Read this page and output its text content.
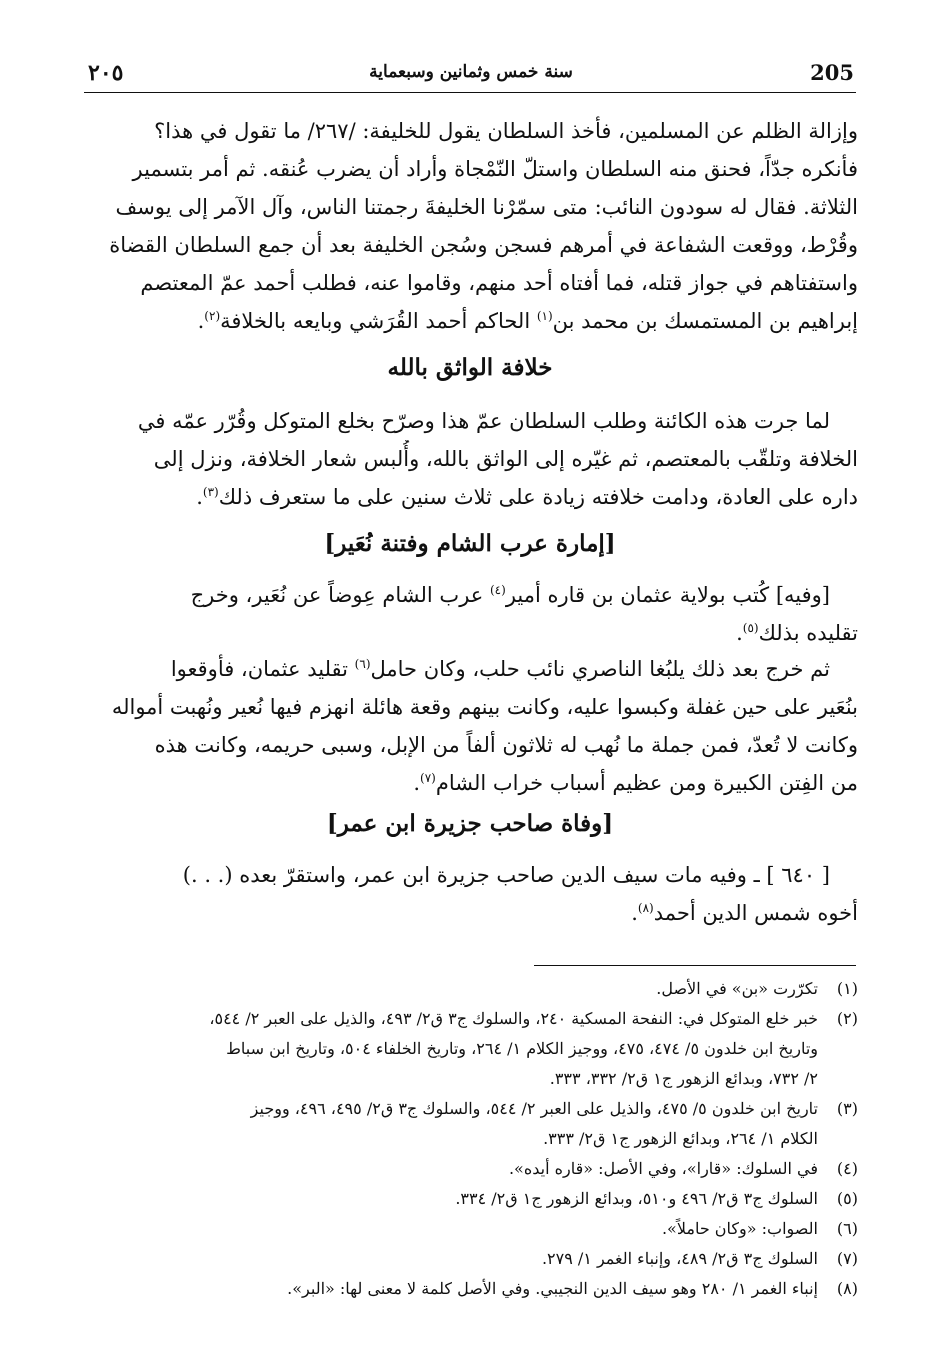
205
سنة خمس وثمانين وسبعماية
٢٠٥
وإزالة الظلم عن المسلمين، فأخذ السلطان يقول للخليفة: /٢٦٧/ ما تقول في هذا؟
فأنكره جدّاً، فحنق منه السلطان واستلّ النّمْجاة وأراد أن يضرب عُنقه. ثم أمر بتسمير
الثلاثة. فقال له سودون النائب: متى سمّرْنا الخليفةَ رجمتنا الناس، وآل الآمر إلى يوسف
وقُرْط، ووقعت الشفاعة في أمرهم فسجن وسُجن الخليفة بعد أن جمع السلطان القضاة
واستفتاهم في جواز قتله، فما أفتاه أحد منهم، وقاموا عنه، فطلب أحمد عمّ المعتصم
إبراهيم بن المستمسك بن محمد بن$^{(١)}$ الحاكم أحمد القُرَشي وبايعه بالخلافة$^{(٢)}$.
خلافة الواثق بالله
لما جرت هذه الكائنة وطلب السلطان عمّ هذا وصرّح بخلع المتوكل وقُرّر عمّه في
الخلافة وتلقّب بالمعتصم، ثم غيّره إلى الواثق بالله، وأُلبس شعار الخلافة، ونزل إلى
داره على العادة، ودامت خلافته زيادة على ثلاث سنين على ما ستعرف ذلك$^{(٣)}$.
[إمارة عرب الشام وفتنة نُعَير]
[وفيه] كُتب بولاية عثمان بن قاره أمير$^{(٤)}$ عرب الشام عِوضاً عن نُعَير، وخرج
تقليده بذلك$^{(٥)}$.
ثم خرج بعد ذلك يلبُغا الناصري نائب حلب، وكان حامل$^{(٦)}$ تقليد عثمان، فأوقعوا
بنُعَير على حين غفلة وكبسوا عليه، وكانت بينهم وقعة هائلة انهزم فيها نُعير ونُهبت أمواله
وكانت لا تُعدّ، فمن جملة ما نُهب له ثلاثون ألفاً من الإبل، وسبى حريمه، وكانت هذه
من الفِتن الكبيرة ومن عظيم أسباب خراب الشام$^{(٧)}$.
[وفاة صاحب جزيرة ابن عمر]
[ ٦٤٠ ] ـ وفيه مات سيف الدين صاحب جزيرة ابن عمر، واستقرّ بعده (. . .)
أخوه شمس الدين أحمد$^{(٨)}$.
(١)
تكرّرت «بن» في الأصل.
(٢)
خبر خلع المتوكل في: النفحة المسكية ٢٤٠، والسلوك ج٣ ق٢/ ٤٩٣، والذيل على العبر ٢/ ٥٤٤،
وتاريخ ابن خلدون ٥/ ٤٧٤، ٤٧٥، ووجيز الكلام ١/ ٢٦٤، وتاريخ الخلفاء ٥٠٤، وتاريخ ابن سباط
٢/ ٧٣٢، وبدائع الزهور ج١ ق٢/ ٣٣٢، ٣٣٣.
(٣)
تاريخ ابن خلدون ٥/ ٤٧٥، والذيل على العبر ٢/ ٥٤٤، والسلوك ج٣ ق٢/ ٤٩٥، ٤٩٦، ووجيز
الكلام ١/ ٢٦٤، وبدائع الزهور ج١ ق٢/ ٣٣٣.
(٤)
في السلوك: «قارا»، وفي الأصل: «قاره أيده».
(٥)
السلوك ج٣ ق٢/ ٤٩٦ و٥١٠، وبدائع الزهور ج١ ق٢/ ٣٣٤.
(٦)
الصواب: «وكان حاملاً».
(٧)
السلوك ج٣ ق٢/ ٤٨٩، وإنباء الغمر ١/ ٢٧٩.
(٨)
إنباء الغمر ١/ ٢٨٠ وهو سيف الدين النجيبي. وفي الأصل كلمة لا معنى لها: «البر».
